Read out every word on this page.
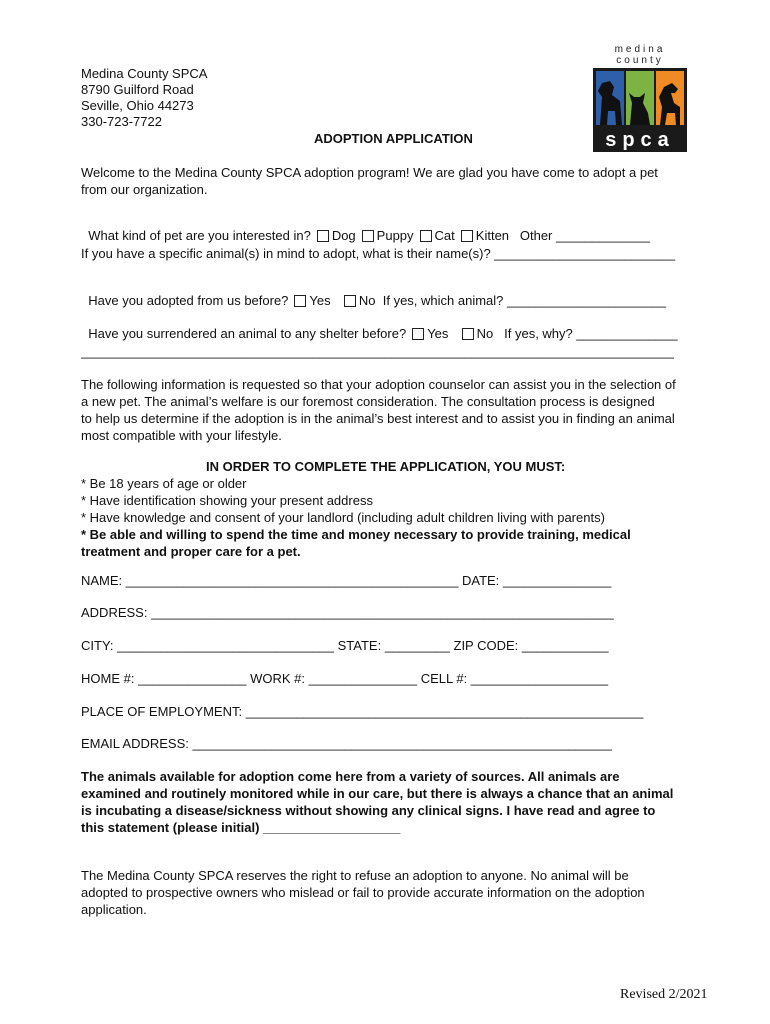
Medina County SPCA
8790 Guilford Road
Seville, Ohio 44273
330-723-7722
medina county
spca
ADOPTION APPLICATION
Welcome to the Medina County SPCA adoption program! We are glad you have come to adopt a pet
from our organization.

What kind of pet are you interested in? Dog Puppy Cat Kitten Other _____________

If you have a specific animal(s) in mind to adopt, what is their name(s)? _________________________

Have you adopted from us before? Yes No If yes, which animal? ______________________

Have you surrendered an animal to any shelter before? Yes No If yes, why? ______________

__________________________________________________________________________________
The following information is requested so that your adoption counselor can assist you in the selection of
a new pet. The animal’s welfare is our foremost consideration. The consultation process is designed
to help us determine if the adoption is in the animal’s best interest and to assist you in finding an animal
most compatible with your lifestyle.
IN ORDER TO COMPLETE THE APPLICATION, YOU MUST:
* Be 18 years of age or older
* Have identification showing your present address
* Have knowledge and consent of your landlord (including adult children living with parents)
* Be able and willing to spend the time and money necessary to provide training, medical
treatment and proper care for a pet.
NAME: ______________________________________________ DATE: _______________
ADDRESS: ________________________________________________________________
CITY: ______________________________ STATE: _________ ZIP CODE: ____________
HOME #: _______________ WORK #: _______________ CELL #: ___________________
PLACE OF EMPLOYMENT: _______________________________________________________
EMAIL ADDRESS: __________________________________________________________
The animals available for adoption come here from a variety of sources. All animals are
examined and routinely monitored while in our care, but there is always a chance that an animal
is incubating a disease/sickness without showing any clinical signs. I have read and agree to
this statement (please initial) ___________________
The Medina County SPCA reserves the right to refuse an adoption to anyone. No animal will be
adopted to prospective owners who mislead or fail to provide accurate information on the adoption
application.
Revised 2/2021
